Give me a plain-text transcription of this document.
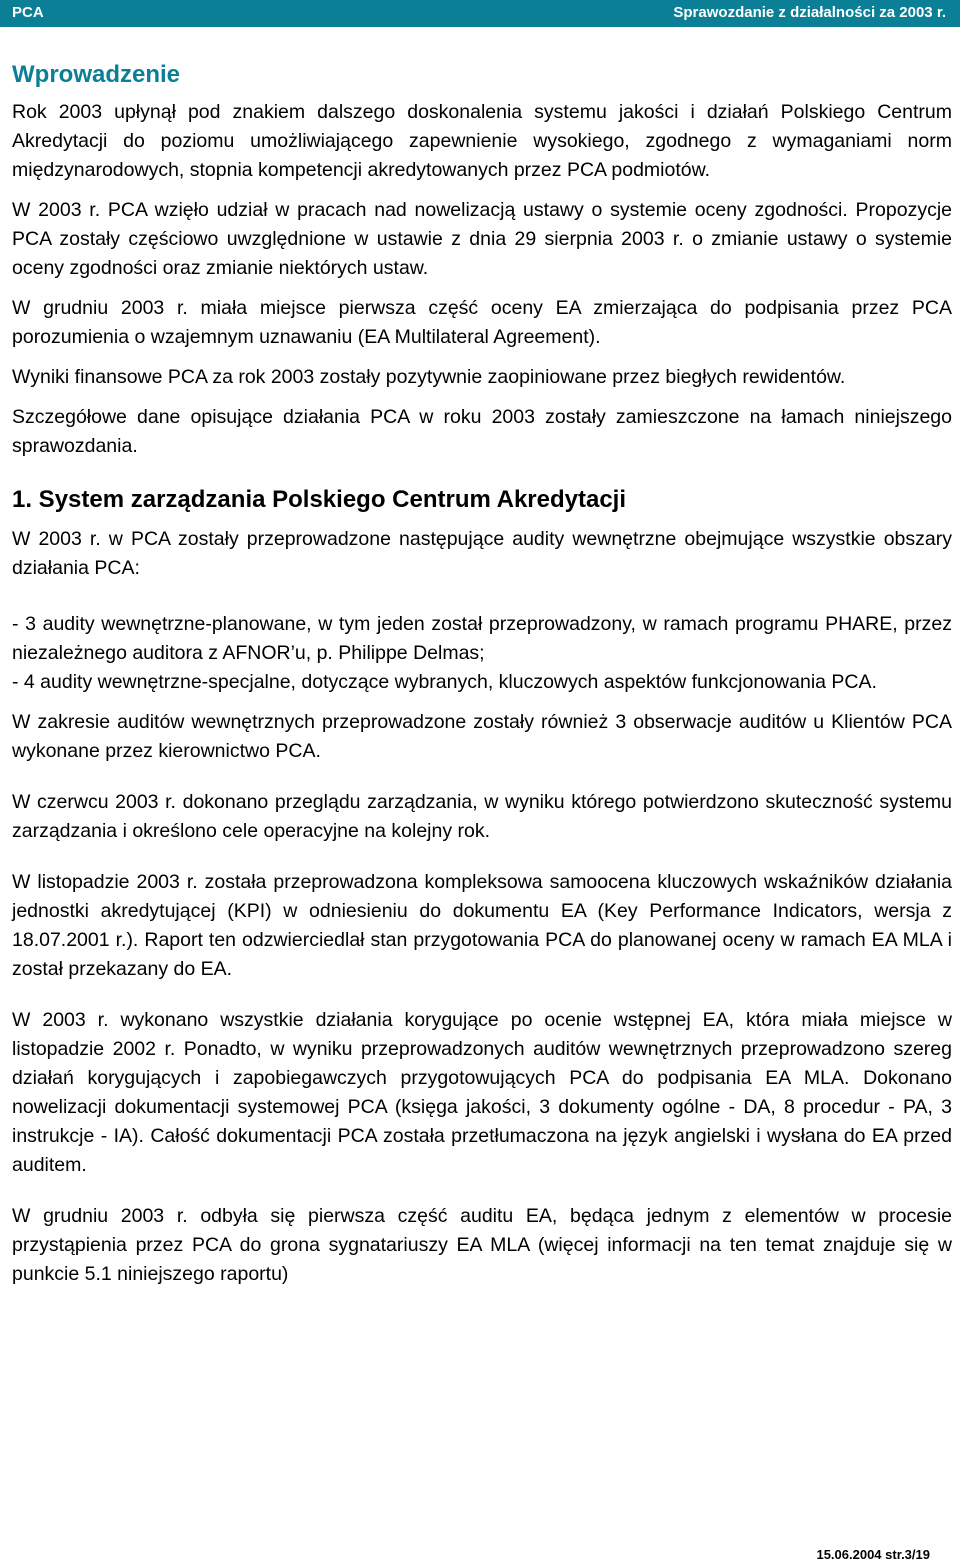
PCA	Sprawozdanie z działalności za 2003 r.
Wprowadzenie

Rok 2003 upłynął pod znakiem dalszego doskonalenia systemu jakości i działań Polskiego Centrum Akredytacji do poziomu umożliwiającego zapewnienie wysokiego, zgodnego z wymaganiami norm międzynarodowych, stopnia kompetencji akredytowanych przez PCA podmiotów.

W 2003 r. PCA wzięło udział w pracach nad nowelizacją ustawy o systemie oceny zgodności. Propozycje PCA zostały częściowo uwzględnione w ustawie z dnia 29 sierpnia 2003 r. o zmianie ustawy o systemie oceny zgodności oraz zmianie niektórych ustaw.

W grudniu 2003 r. miała miejsce pierwsza część oceny EA zmierzająca do podpisania przez PCA porozumienia o wzajemnym uznawaniu (EA Multilateral Agreement).

Wyniki finansowe PCA za rok 2003 zostały pozytywnie zaopiniowane przez biegłych rewidentów.

Szczegółowe dane opisujące działania PCA w roku 2003 zostały zamieszczone na łamach niniejszego sprawozdania.

1. System zarządzania Polskiego Centrum Akredytacji

W 2003 r. w PCA zostały przeprowadzone następujące audity wewnętrzne obejmujące wszystkie obszary działania PCA:

- 3 audity wewnętrzne-planowane, w tym jeden został przeprowadzony, w ramach programu PHARE, przez niezależnego auditora z AFNOR’u, p. Philippe Delmas;

- 4 audity wewnętrzne-specjalne, dotyczące wybranych, kluczowych aspektów funkcjonowania PCA.

W zakresie auditów wewnętrznych przeprowadzone zostały również 3 obserwacje auditów u Klientów PCA wykonane przez kierownictwo PCA.

W czerwcu 2003 r. dokonano przeglądu zarządzania, w wyniku którego potwierdzono skuteczność systemu zarządzania i określono cele operacyjne na kolejny rok.

W listopadzie 2003 r. została przeprowadzona kompleksowa samoocena kluczowych wskaźników działania jednostki akredytującej (KPI) w odniesieniu do dokumentu EA (Key Performance Indicators, wersja z 18.07.2001 r.). Raport ten odzwierciedlał stan przygotowania PCA do planowanej oceny w ramach EA MLA i został przekazany do EA.

W 2003 r. wykonano wszystkie działania korygujące po ocenie wstępnej EA, która miała miejsce w listopadzie 2002 r. Ponadto, w wyniku przeprowadzonych auditów wewnętrznych przeprowadzono szereg działań korygujących i zapobiegawczych przygotowujących PCA do podpisania EA MLA. Dokonano nowelizacji dokumentacji systemowej PCA (księga jakości, 3 dokumenty ogólne - DA, 8 procedur - PA, 3 instrukcje - IA). Całość dokumentacji PCA została przetłumaczona na język angielski i wysłana do EA przed auditem.

W grudniu 2003 r. odbyła się pierwsza część auditu EA, będąca jednym z elementów w procesie przystąpienia przez PCA do grona sygnatariuszy EA MLA (więcej informacji na ten temat znajduje się w punkcie 5.1 niniejszego raportu)

15.06.2004 str.3/19
